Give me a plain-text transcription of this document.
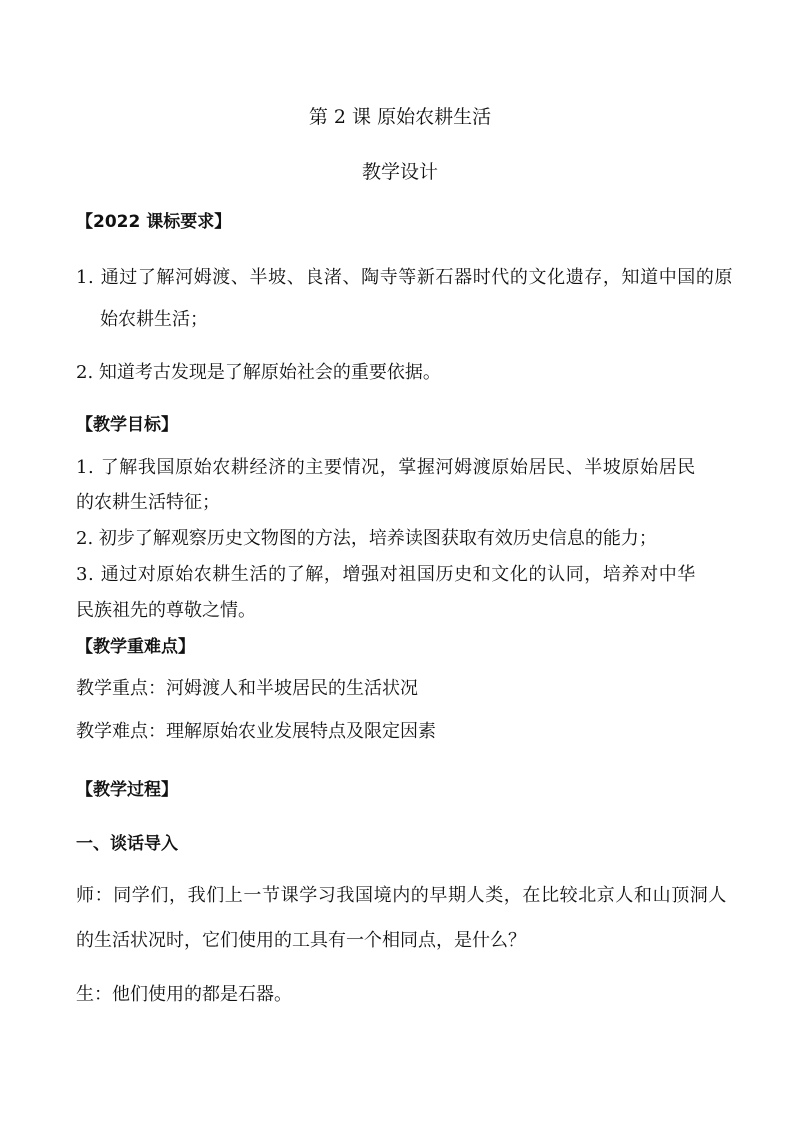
第 2 课 原始农耕生活
教学设计
【2022 课标要求】
1. 通过了解河姆渡、半坡、良渚、陶寺等新石器时代的文化遗存，知道中国的原
始农耕生活；
2. 知道考古发现是了解原始社会的重要依据。
【教学目标】
1. 了解我国原始农耕经济的主要情况，掌握河姆渡原始居民、半坡原始居民
的农耕生活特征；
2. 初步了解观察历史文物图的方法，培养读图获取有效历史信息的能力；
3. 通过对原始农耕生活的了解，增强对祖国历史和文化的认同，培养对中华
民族祖先的尊敬之情。
【教学重难点】
教学重点：河姆渡人和半坡居民的生活状况
教学难点：理解原始农业发展特点及限定因素
【教学过程】
一、谈话导入
师：同学们，我们上一节课学习我国境内的早期人类，在比较北京人和山顶洞人
的生活状况时，它们使用的工具有一个相同点，是什么？
生：他们使用的都是石器。
